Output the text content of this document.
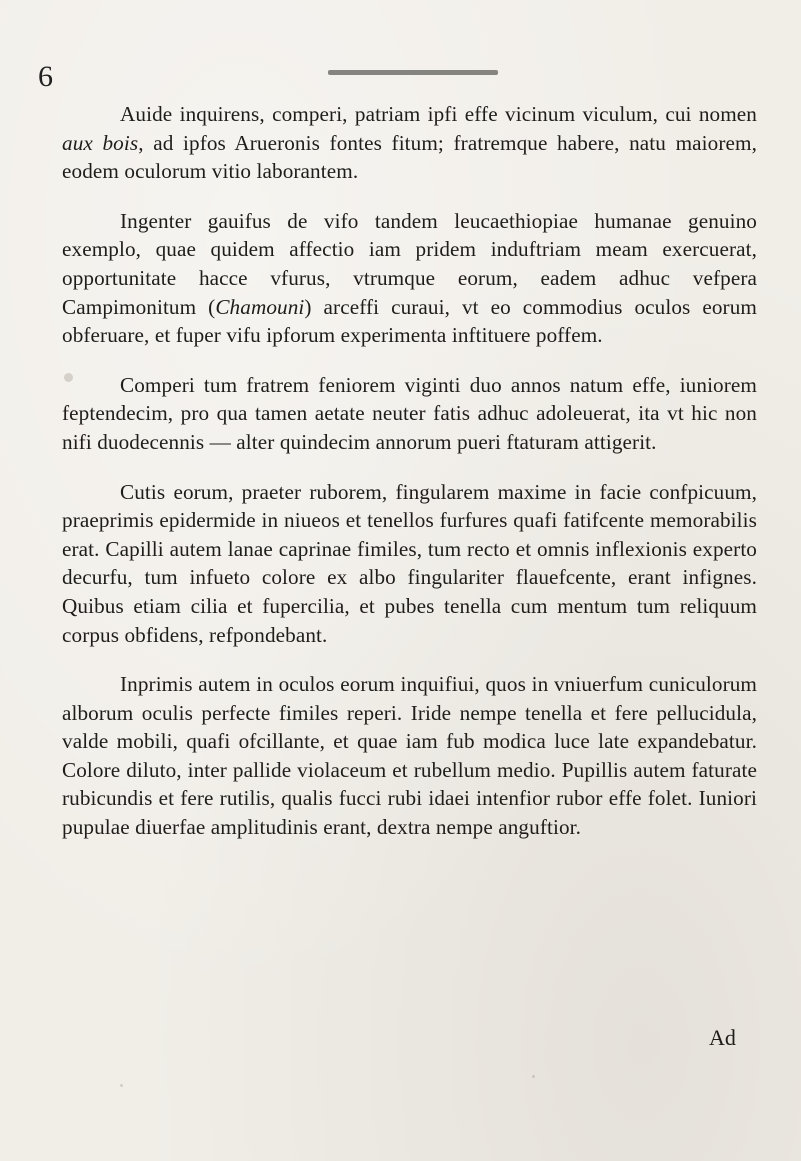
6

Auide inquirens, comperi, patriam ipfi effe vicinum viculum, cui nomen aux bois, ad ipfos Arueronis fontes fitum; fratremque habere, natu maiorem, eodem oculorum vitio laborantem.

Ingenter gauifus de vifo tandem leucaethiopiae humanae genuino exemplo, quae quidem affectio iam pridem induftriam meam exercuerat, opportunitate hacce vfurus, vtrumque eorum, eadem adhuc vefpera Campimonitum (Chamouni) arceffi curaui, vt eo commodius oculos eorum obferuare, et fuper vifu ipforum experimenta inftituere poffem.

Comperi tum fratrem feniorem viginti duo annos natum effe, iuniorem feptendecim, pro qua tamen aetate neuter fatis adhuc adoleuerat, ita vt hic non nifi duodecennis — alter quindecim annorum pueri ftaturam attigerit.

Cutis eorum, praeter ruborem, fingularem maxime in facie confpicuum, praeprimis epidermide in niueos et tenellos furfures quafi fatifcente memorabilis erat. Capilli autem lanae caprinae fimiles, tum recto et omnis inflexionis experto decurfu, tum infueto colore ex albo fingulariter flauefcente, erant infignes. Quibus etiam cilia et fupercilia, et pubes tenella cum mentum tum reliquum corpus obfidens, refpondebant.

Inprimis autem in oculos eorum inquifiui, quos in vniuerfum cuniculorum alborum oculis perfecte fimiles reperi. Iride nempe tenella et fere pellucidula, valde mobili, quafi ofcillante, et quae iam fub modica luce late expandebatur. Colore diluto, inter pallide violaceum et rubellum medio. Pupillis autem faturate rubicundis et fere rutilis, qualis fucci rubi idaei intenfior rubor effe folet. Iuniori pupulae diuerfae amplitudinis erant, dextra nempe anguftior.

Ad
